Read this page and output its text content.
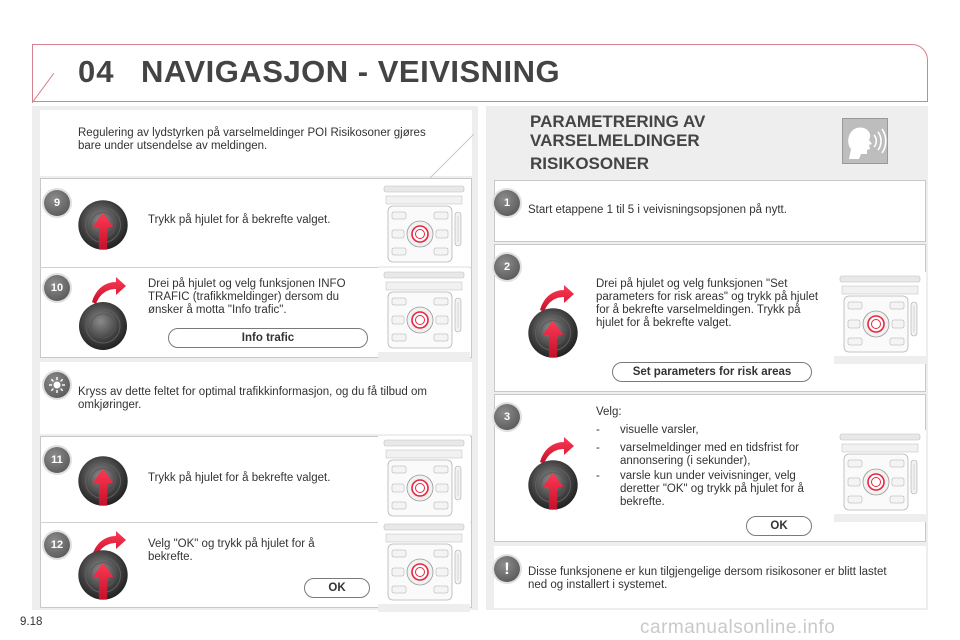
04 NAVIGASJON - VEIVISNING
Regulering av lydstyrken på varselmeldinger POI Risikosoner gjøres bare under utsendelse av meldingen.
9
Trykk på hjulet for å bekrefte valget.
10	Drei på hjulet og velg funksjonen INFO TRAFIC (trafikkmeldinger) dersom du ønsker å motta "Info trafic".
Info trafic
Kryss av dette feltet for optimal trafikkinformasjon, og du få tilbud om omkjøringer.
11
Trykk på hjulet for å bekrefte valget.
12	Velg "OK" og trykk på hjulet for å bekrefte.
OK
PARAMETRERING AV
VARSELMELDINGER
RISIKOSONER
1
Start etappene 1 til 5 i veivisningsopsjonen på nytt.
2
Drei på hjulet og velg funksjonen "Set parameters for risk areas" og trykk på hjulet for å bekrefte varselmeldingen. Trykk på hjulet for å bekrefte valget.
Set parameters for risk areas
3	Velg:
- visuelle varsler,
- varselmeldinger med en tidsfrist for annonsering (i sekunder),
- varsle kun under veivisninger, velg deretter "OK" og trykk på hjulet for å bekrefte.
OK
!	Disse funksjonene er kun tilgjengelige dersom risikosoner er blitt lastet ned og installert i systemet.
9.18	carmanualsonline.info
